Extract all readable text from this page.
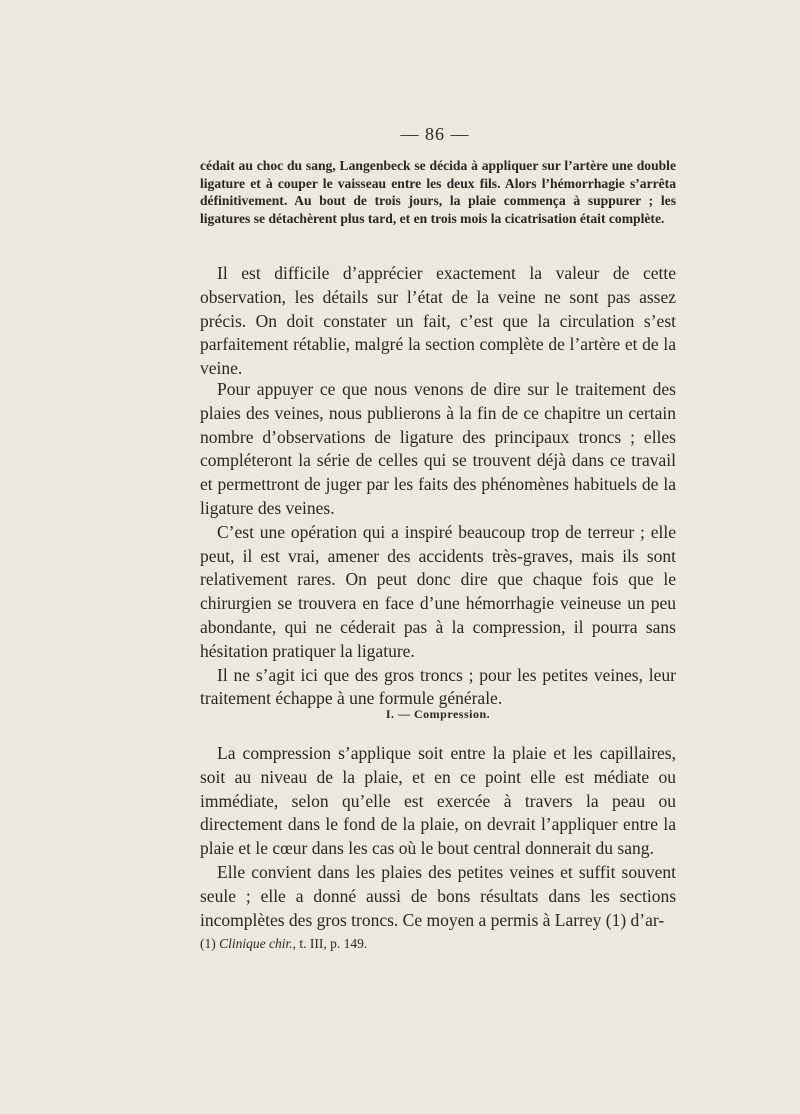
— 86 —
cédait au choc du sang, Langenbeck se décida à appliquer sur l’artère une double ligature et à couper le vaisseau entre les deux fils. Alors l’hémorrhagie s’arrêta définitivement. Au bout de trois jours, la plaie commença à suppurer ; les ligatures se détachèrent plus tard, et en trois mois la cicatrisation était complète.

Il est difficile d’apprécier exactement la valeur de cette observation, les détails sur l’état de la veine ne sont pas assez précis. On doit constater un fait, c’est que la circulation s’est parfaitement rétablie, malgré la section complète de l’artère et de la veine.

Pour appuyer ce que nous venons de dire sur le traitement des plaies des veines, nous publierons à la fin de ce chapitre un certain nombre d’observations de ligature des principaux troncs ; elles compléteront la série de celles qui se trouvent déjà dans ce travail et permettront de juger par les faits des phénomènes habituels de la ligature des veines.

C’est une opération qui a inspiré beaucoup trop de terreur ; elle peut, il est vrai, amener des accidents très-graves, mais ils sont relativement rares. On peut donc dire que chaque fois que le chirurgien se trouvera en face d’une hémorrhagie veineuse un peu abondante, qui ne céderait pas à la compression, il pourra sans hésitation pratiquer la ligature.

Il ne s’agit ici que des gros troncs ; pour les petites veines, leur traitement échappe à une formule générale.

I. — Compression.

La compression s’applique soit entre la plaie et les capillaires, soit au niveau de la plaie, et en ce point elle est médiate ou immédiate, selon qu’elle est exercée à travers la peau ou directement dans le fond de la plaie, on devrait l’appliquer entre la plaie et le cœur dans les cas où le bout central donnerait du sang.

Elle convient dans les plaies des petites veines et suffit souvent seule ; elle a donné aussi de bons résultats dans les sections incomplètes des gros troncs. Ce moyen a permis à Larrey (1) d’ar-

(1) Clinique chir., t. III, p. 149.
